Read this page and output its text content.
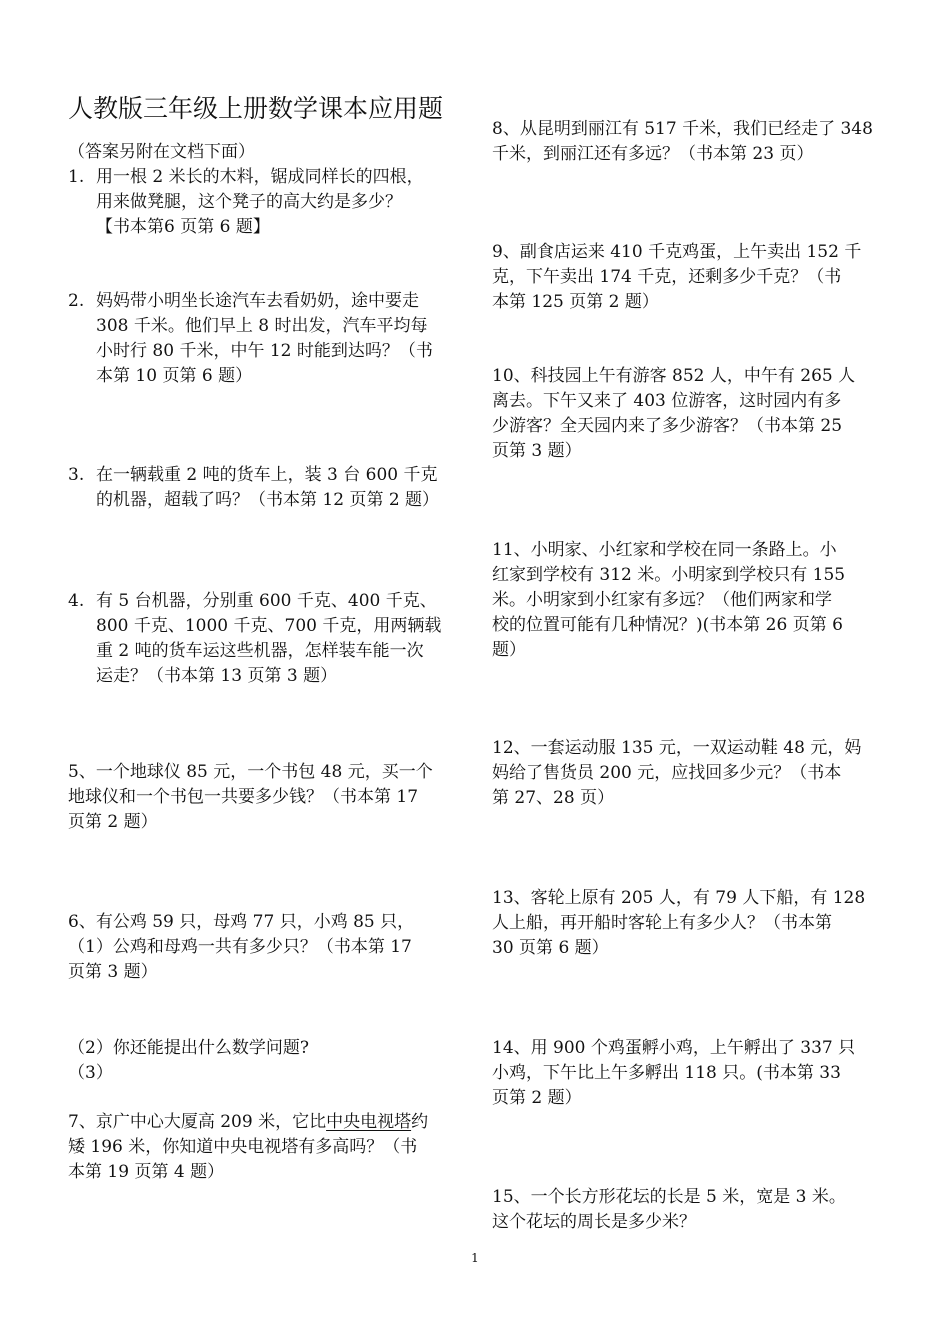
人教版三年级上册数学课本应用题
（答案另附在文档下面）
1. 用一根 2 米长的木料，锯成同样长的四根，
用来做凳腿，这个凳子的高大约是多少？
【书本第6 页第 6 题】
2. 妈妈带小明坐长途汽车去看奶奶，途中要走
308 千米。他们早上 8 时出发，汽车平均每
小时行 80 千米，中午 12 时能到达吗？（书
本第 10 页第 6 题）
3. 在一辆载重 2 吨的货车上，装 3 台 600 千克
的机器，超载了吗？（书本第 12 页第 2 题）
4. 有 5 台机器，分别重 600 千克、400 千克、
800 千克、1000 千克、700 千克，用两辆载
重 2 吨的货车运这些机器，怎样装车能一次
运走？（书本第 13 页第 3 题）
5、一个地球仪 85 元，一个书包 48 元，买一个
地球仪和一个书包一共要多少钱？（书本第 17
页第 2 题）
6、有公鸡 59 只，母鸡 77 只，小鸡 85 只，
（1）公鸡和母鸡一共有多少只？（书本第 17
页第 3 题）
（2）你还能提出什么数学问题?
（3）
7、京广中心大厦高 209 米，它比中央电视塔约
矮 196 米，你知道中央电视塔有多高吗？（书
本第 19 页第 4 题）
8、从昆明到丽江有 517 千米，我们已经走了 348
千米，到丽江还有多远？（书本第 23 页）
9、副食店运来 410 千克鸡蛋，上午卖出 152 千
克，下午卖出 174 千克，还剩多少千克？（书
本第 125 页第 2 题）
10、科技园上午有游客 852 人，中午有 265 人
离去。下午又来了 403 位游客，这时园内有多
少游客？全天园内来了多少游客？（书本第 25
页第 3 题）
11、小明家、小红家和学校在同一条路上。小
红家到学校有 312 米。小明家到学校只有 155
米。小明家到小红家有多远？（他们两家和学
校的位置可能有几种情况？)(书本第 26 页第 6
题）
12、一套运动服 135 元，一双运动鞋 48 元，妈
妈给了售货员 200 元，应找回多少元？（书本
第 27、28 页）
13、客轮上原有 205 人，有 79 人下船，有 128
人上船，再开船时客轮上有多少人？（书本第
30 页第 6 题）
14、用 900 个鸡蛋孵小鸡，上午孵出了 337 只
小鸡，下午比上午多孵出 118 只。(书本第 33
页第 2 题）
15、一个长方形花坛的长是 5 米，宽是 3 米。
这个花坛的周长是多少米？
1
